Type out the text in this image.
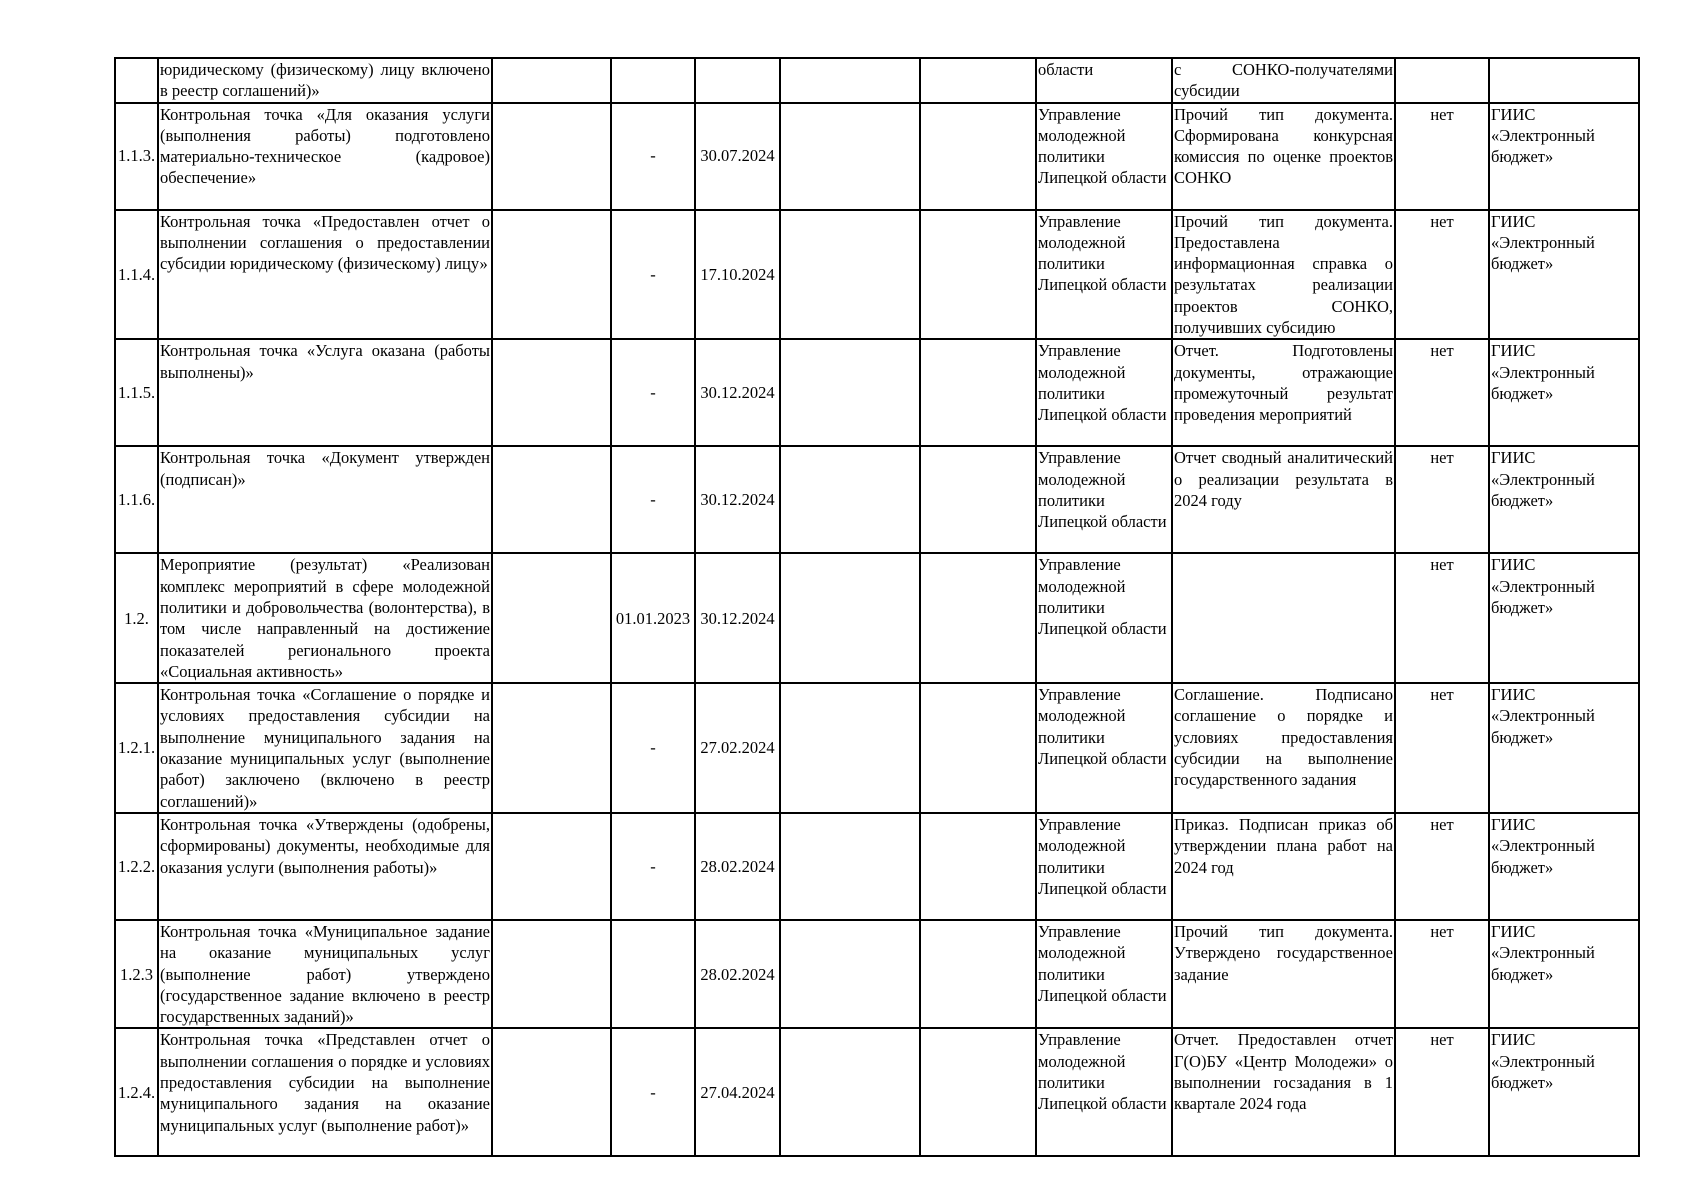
	юридическому (физическому) лицу включено в реестр соглашений)»						области	с СОНКО-получателями субсидии		
1.1.3.	Контрольная точка «Для оказания услуги (выполнения работы) подготовлено материально-техническое (кадровое) обеспечение»		-	30.07.2024			Управление молодежной политики Липецкой области	Прочий тип документа. Сформирована конкурсная комиссия по оценке проектов СОНКО	нет	ГИИС «Электронный бюджет»
1.1.4.	Контрольная точка «Предоставлен отчет о выполнении соглашения о предоставлении субсидии юридическому (физическому) лицу»		-	17.10.2024			Управление молодежной политики Липецкой области	Прочий тип документа. Предоставлена информационная справка о результатах реализации проектов СОНКО, получивших субсидию	нет	ГИИС «Электронный бюджет»
1.1.5.	Контрольная точка «Услуга оказана (работы выполнены)»		-	30.12.2024			Управление молодежной политики Липецкой области	Отчет. Подготовлены документы, отражающие промежуточный результат проведения мероприятий	нет	ГИИС «Электронный бюджет»
1.1.6.	Контрольная точка «Документ утвержден (подписан)»		-	30.12.2024			Управление молодежной политики Липецкой области	Отчет сводный аналитический о реализации результата в 2024 году	нет	ГИИС «Электронный бюджет»
1.2.	Мероприятие (результат) «Реализован комплекс мероприятий в сфере молодежной политики и добровольчества (волонтерства), в том числе направленный на достижение показателей регионального проекта «Социальная активность»		01.01.2023	30.12.2024			Управление молодежной политики Липецкой области		нет	ГИИС «Электронный бюджет»
1.2.1.	Контрольная точка «Соглашение о порядке и условиях предоставления субсидии на выполнение муниципального задания на оказание муниципальных услуг (выполнение работ) заключено (включено в реестр соглашений)»		-	27.02.2024			Управление молодежной политики Липецкой области	Соглашение. Подписано соглашение о порядке и условиях предоставления субсидии на выполнение государственного задания	нет	ГИИС «Электронный бюджет»
1.2.2.	Контрольная точка «Утверждены (одобрены, сформированы) документы, необходимые для оказания услуги (выполнения работы)»		-	28.02.2024			Управление молодежной политики Липецкой области	Приказ. Подписан приказ об утверждении плана работ на 2024 год	нет	ГИИС «Электронный бюджет»
1.2.3	Контрольная точка «Муниципальное задание на оказание муниципальных услуг (выполнение работ) утверждено (государственное задание включено в реестр государственных заданий)»			28.02.2024			Управление молодежной политики Липецкой области	Прочий тип документа. Утверждено государственное задание	нет	ГИИС «Электронный бюджет»
1.2.4.	Контрольная точка «Представлен отчет о выполнении соглашения о порядке и условиях предоставления субсидии на выполнение муниципального задания на оказание муниципальных услуг (выполнение работ)»		-	27.04.2024			Управление молодежной политики Липецкой области	Отчет. Предоставлен отчет Г(О)БУ «Центр Молодежи» о выполнении госзадания в 1 квартале 2024 года	нет	ГИИС «Электронный бюджет»
